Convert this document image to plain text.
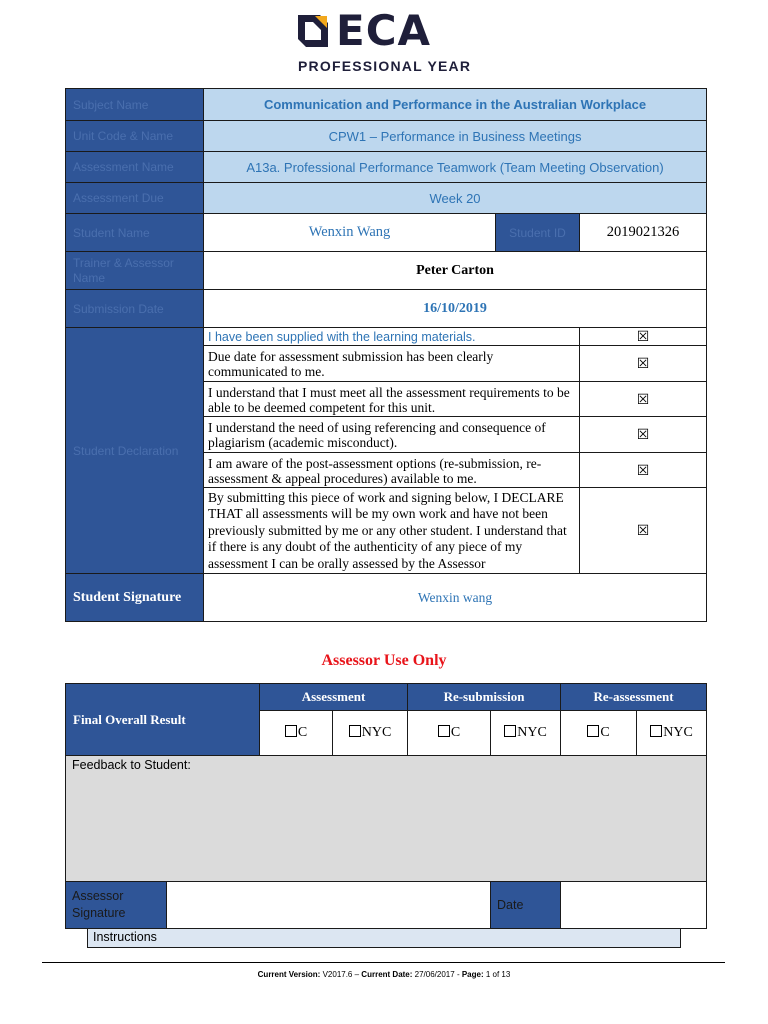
ECA
PROFESSIONAL YEAR
Subject Name	Communication and Performance in the Australian Workplace		
Unit Code & Name	CPW1 – Performance in Business Meetings		
Assessment Name	A13a. Professional Performance Teamwork (Team Meeting Observation)		
Assessment Due	Week 20		
Student Name	Wenxin Wang	Student ID	2019021326
Trainer & Assessor Name	Peter Carton		
Submission Date	16/10/2019		
Student Declaration	I have been supplied with the learning materials.		☒
	Due date for assessment submission has been clearly communicated to me.		☒
	I understand that I must meet all the assessment requirements to be able to be deemed competent for this unit.		☒
	I understand the need of using referencing and consequence of plagiarism (academic misconduct).		☒
	I am aware of the post-assessment options (re-submission, re-assessment & appeal procedures) available to me.		☒
	By submitting this piece of work and signing below, I DECLARE THAT all assessments will be my own work and have not been previously submitted by me or any other student. I understand that if there is any doubt of the authenticity of any piece of my assessment I can be orally assessed by the Assessor		☒
Student Signature	Wenxin wang		
Assessor Use Only
Final Overall Result		Assessment		Re-submission		Re-assessment	
		C	NYC	C	NYC	C	NYC
Feedback to Student:							
Assessor Signature					Date		
Instructions
Current Version: V2017.6 – Current Date: 27/06/2017 - Page: 1 of 13
